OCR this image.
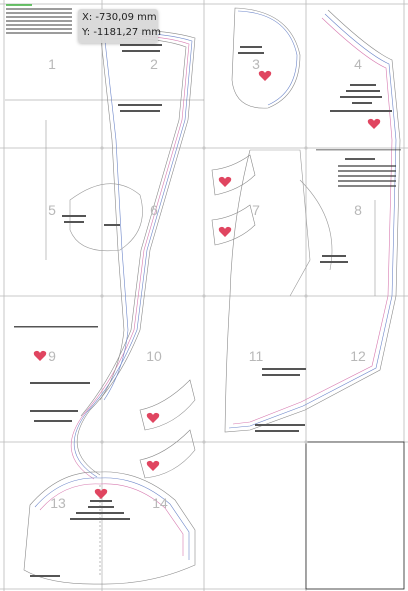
1	2	3	4
5	6	7	8
9	10	11	12
13	14
X: -730,09 mm
Y: -1181,27 mm
